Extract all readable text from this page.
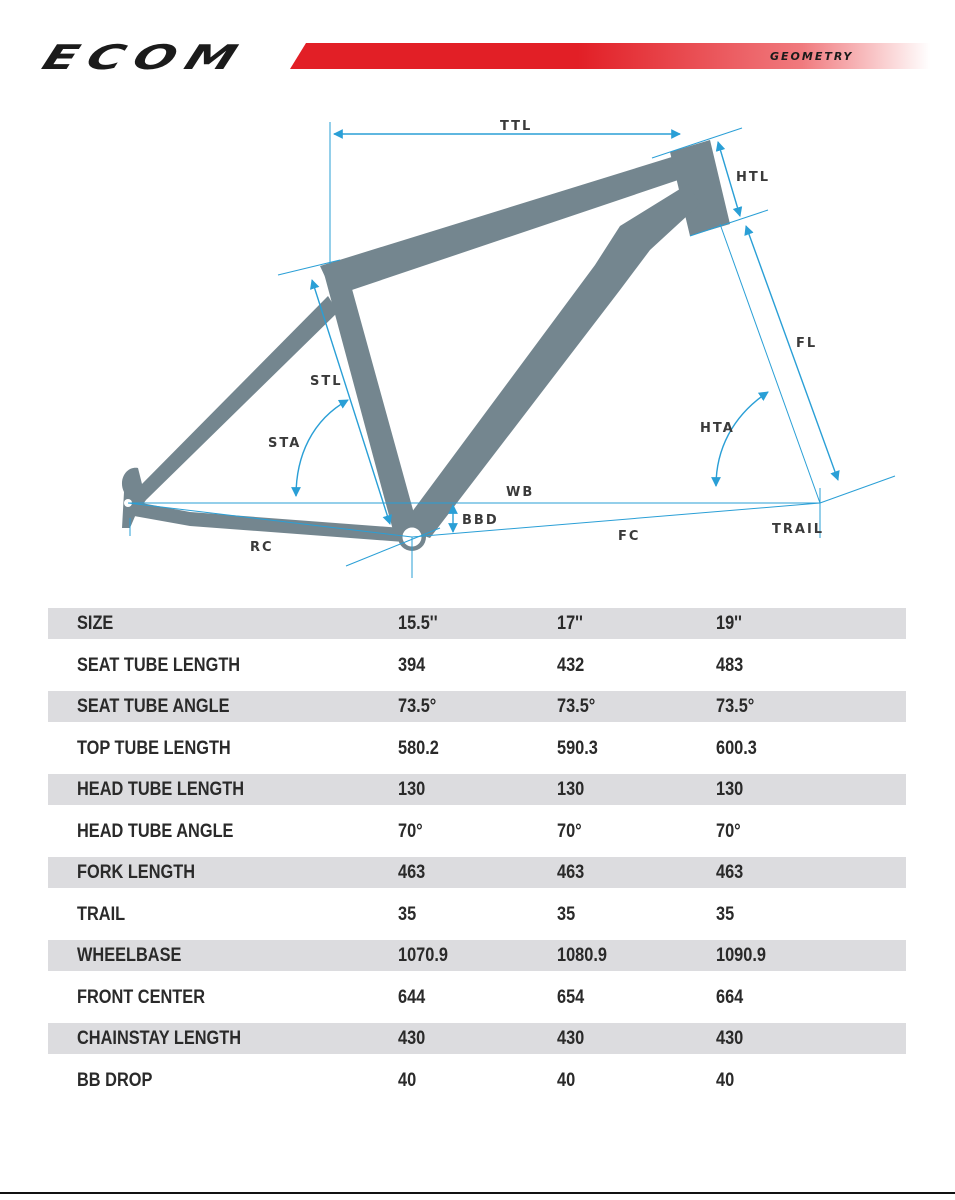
ECOM	GEOMETRY
TTL
HTL
FL
STL
STA
HTA
WB
BBD
RC
FC	TRAIL
SIZE	15.5''	17''	19''
SEAT TUBE LENGTH	394	432	483
SEAT TUBE ANGLE	73.5°	73.5°	73.5°
TOP TUBE LENGTH	580.2	590.3	600.3
HEAD TUBE LENGTH	130	130	130
HEAD TUBE ANGLE	70°	70°	70°
FORK LENGTH	463	463	463
TRAIL	35	35	35
WHEELBASE	1070.9	1080.9	1090.9
FRONT CENTER	644	654	664
CHAINSTAY LENGTH	430	430	430
BB DROP	40	40	40
